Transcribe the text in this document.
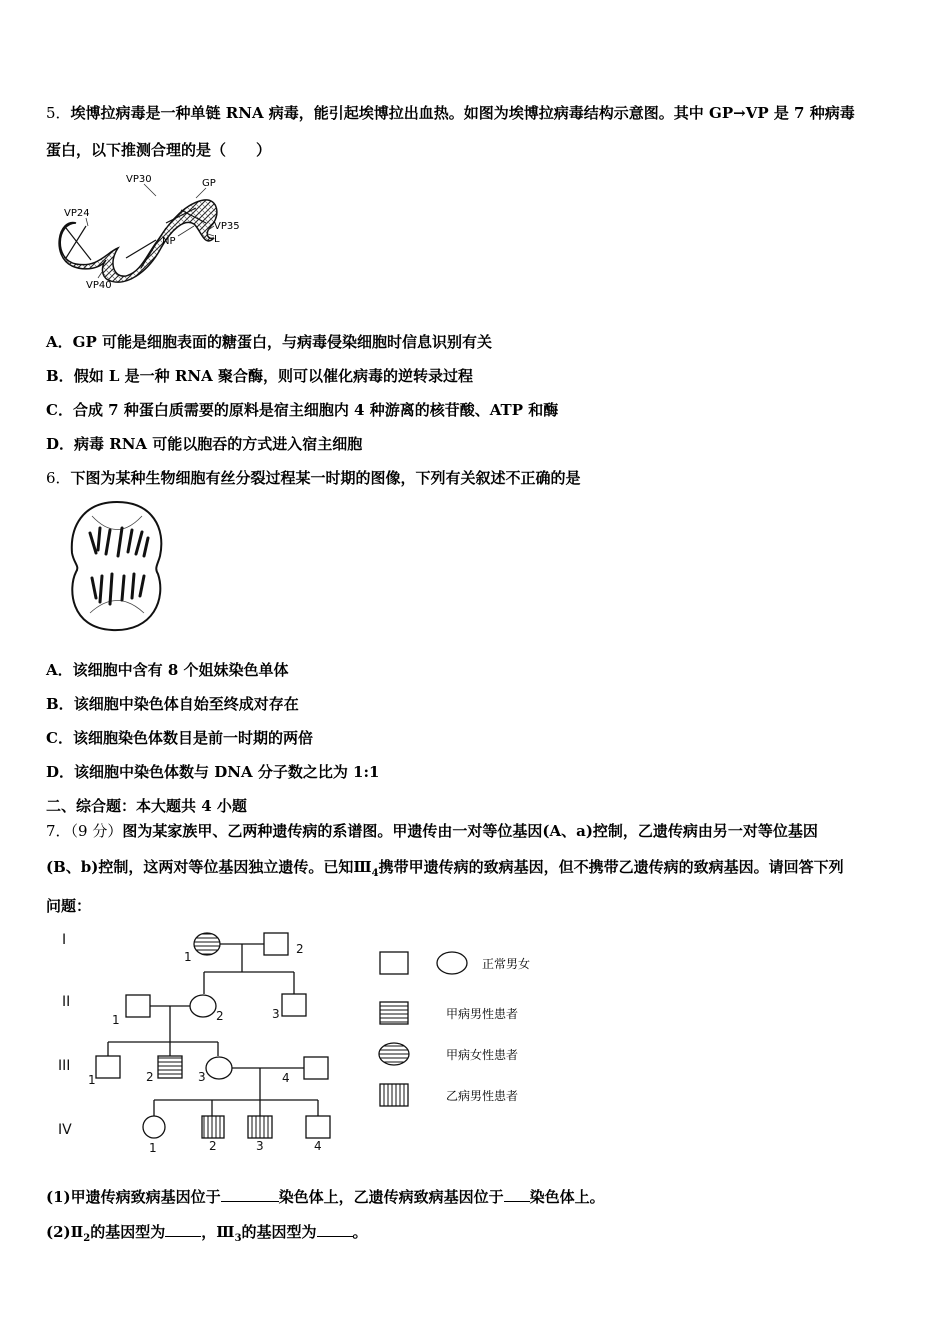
5．埃博拉病毒是一种单链 RNA 病毒，能引起埃博拉出血热。如图为埃博拉病毒结构示意图。其中 GP→VP 是 7 种病毒
蛋白，以下推测合理的是（　　）
VP30	GP
VP24
VP35
NP	L
VP40
A．GP 可能是细胞表面的糖蛋白，与病毒侵染细胞时信息识别有关
B．假如 L 是一种 RNA 聚合酶，则可以催化病毒的逆转录过程
C．合成 7 种蛋白质需要的原料是宿主细胞内 4 种游离的核苷酸、ATP 和酶
D．病毒 RNA 可能以胞吞的方式进入宿主细胞
6．下图为某种生物细胞有丝分裂过程某一时期的图像，下列有关叙述不正确的是
A．该细胞中含有 8 个姐妹染色单体
B．该细胞中染色体自始至终成对存在
C．该细胞染色体数目是前一时期的两倍
D．该细胞中染色体数与 DNA 分子数之比为 1:1
二、综合题：本大题共 4 小题
7．（9 分）图为某家族甲、乙两种遗传病的系谱图。甲遗传由一对等位基因(A、a)控制，乙遗传病由另一对等位基因
(B、b)控制，这两对等位基因独立遗传。已知$Ⅲ_4$携带甲遗传病的致病基因，但不携带乙遗传病的致病基因。请回答下列
问题：
I
II
III
IV
1
2
1	2	3
1	2	3	4
1	2	3	4
正常男女
甲病男性患者
甲病女性患者
乙病男性患者
(1)甲遗传病致病基因位于	染色体上，乙遗传病致病基因位于 染色体上。
$(2)Ⅱ_2$的基因型为 ，$Ⅲ_3$的基因型为 。
